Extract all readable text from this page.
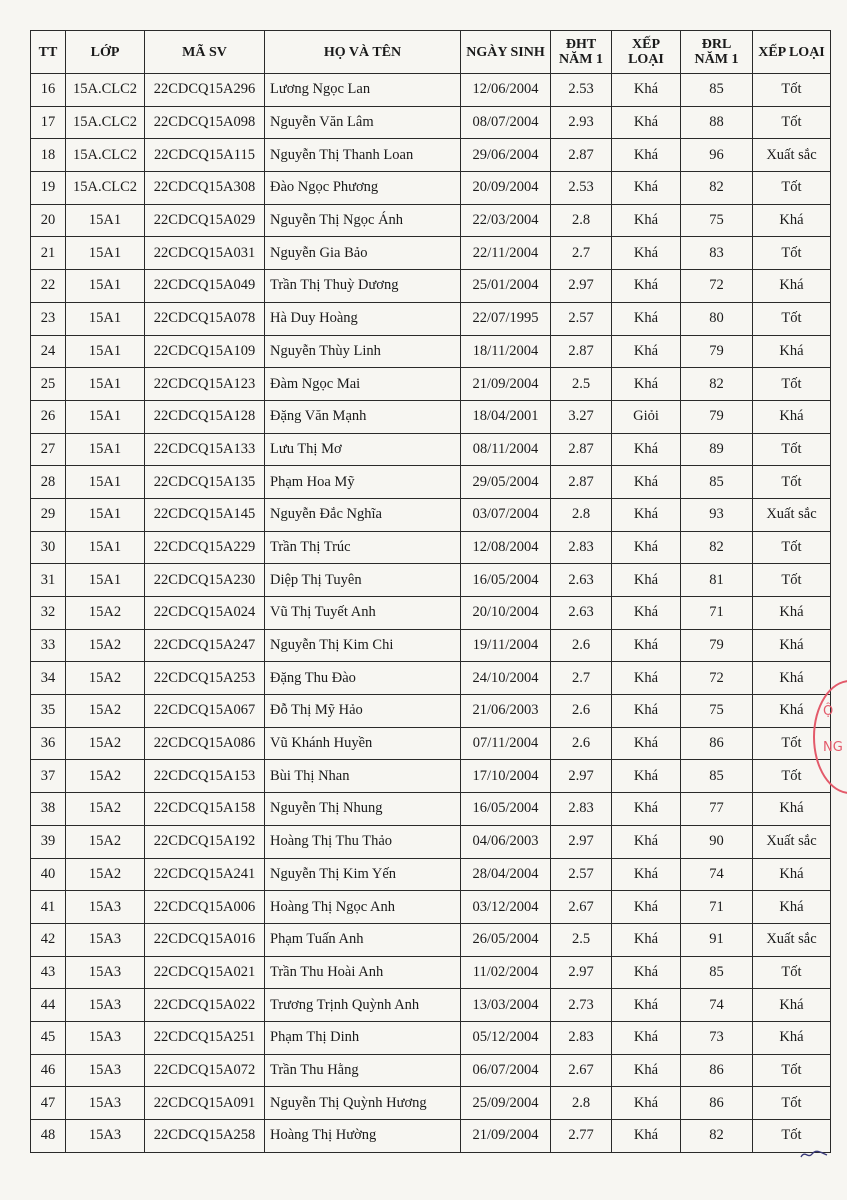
TT	LỚP	MÃ SV	HỌ VÀ TÊN	NGÀY SINH	ĐHT NĂM 1	XẾP LOẠI	ĐRL NĂM 1	XẾP LOẠI
16	15A.CLC2	22CDCQ15A296	Lương Ngọc Lan	12/06/2004	2.53	Khá	85	Tốt
17	15A.CLC2	22CDCQ15A098	Nguyễn Văn Lâm	08/07/2004	2.93	Khá	88	Tốt
18	15A.CLC2	22CDCQ15A115	Nguyễn Thị Thanh Loan	29/06/2004	2.87	Khá	96	Xuất sắc
19	15A.CLC2	22CDCQ15A308	Đào Ngọc Phương	20/09/2004	2.53	Khá	82	Tốt
20	15A1	22CDCQ15A029	Nguyễn Thị Ngọc Ánh	22/03/2004	2.8	Khá	75	Khá
21	15A1	22CDCQ15A031	Nguyễn Gia Bảo	22/11/2004	2.7	Khá	83	Tốt
22	15A1	22CDCQ15A049	Trần Thị Thuỳ Dương	25/01/2004	2.97	Khá	72	Khá
23	15A1	22CDCQ15A078	Hà Duy Hoàng	22/07/1995	2.57	Khá	80	Tốt
24	15A1	22CDCQ15A109	Nguyễn Thùy Linh	18/11/2004	2.87	Khá	79	Khá
25	15A1	22CDCQ15A123	Đàm Ngọc Mai	21/09/2004	2.5	Khá	82	Tốt
26	15A1	22CDCQ15A128	Đặng Văn Mạnh	18/04/2001	3.27	Giỏi	79	Khá
27	15A1	22CDCQ15A133	Lưu Thị Mơ	08/11/2004	2.87	Khá	89	Tốt
28	15A1	22CDCQ15A135	Phạm Hoa Mỹ	29/05/2004	2.87	Khá	85	Tốt
29	15A1	22CDCQ15A145	Nguyễn Đắc Nghĩa	03/07/2004	2.8	Khá	93	Xuất sắc
30	15A1	22CDCQ15A229	Trần Thị Trúc	12/08/2004	2.83	Khá	82	Tốt
31	15A1	22CDCQ15A230	Diệp Thị Tuyên	16/05/2004	2.63	Khá	81	Tốt
32	15A2	22CDCQ15A024	Vũ Thị Tuyết Anh	20/10/2004	2.63	Khá	71	Khá
33	15A2	22CDCQ15A247	Nguyễn Thị Kim Chi	19/11/2004	2.6	Khá	79	Khá
34	15A2	22CDCQ15A253	Đặng Thu Đào	24/10/2004	2.7	Khá	72	Khá
35	15A2	22CDCQ15A067	Đỗ Thị Mỹ Hảo	21/06/2003	2.6	Khá	75	Khá
36	15A2	22CDCQ15A086	Vũ Khánh Huyền	07/11/2004	2.6	Khá	86	Tốt
37	15A2	22CDCQ15A153	Bùi Thị Nhan	17/10/2004	2.97	Khá	85	Tốt
38	15A2	22CDCQ15A158	Nguyễn Thị Nhung	16/05/2004	2.83	Khá	77	Khá
39	15A2	22CDCQ15A192	Hoàng Thị Thu Thảo	04/06/2003	2.97	Khá	90	Xuất sắc
40	15A2	22CDCQ15A241	Nguyễn Thị Kim Yến	28/04/2004	2.57	Khá	74	Khá
41	15A3	22CDCQ15A006	Hoàng Thị Ngọc Anh	03/12/2004	2.67	Khá	71	Khá
42	15A3	22CDCQ15A016	Phạm Tuấn Anh	26/05/2004	2.5	Khá	91	Xuất sắc
43	15A3	22CDCQ15A021	Trần Thu Hoài Anh	11/02/2004	2.97	Khá	85	Tốt
44	15A3	22CDCQ15A022	Trương Trịnh Quỳnh Anh	13/03/2004	2.73	Khá	74	Khá
45	15A3	22CDCQ15A251	Phạm Thị Dinh	05/12/2004	2.83	Khá	73	Khá
46	15A3	22CDCQ15A072	Trần Thu Hằng	06/07/2004	2.67	Khá	86	Tốt
47	15A3	22CDCQ15A091	Nguyễn Thị Quỳnh Hương	25/09/2004	2.8	Khá	86	Tốt
48	15A3	22CDCQ15A258	Hoàng Thị Hường	21/09/2004	2.77	Khá	82	Tốt
Ộ
NG
